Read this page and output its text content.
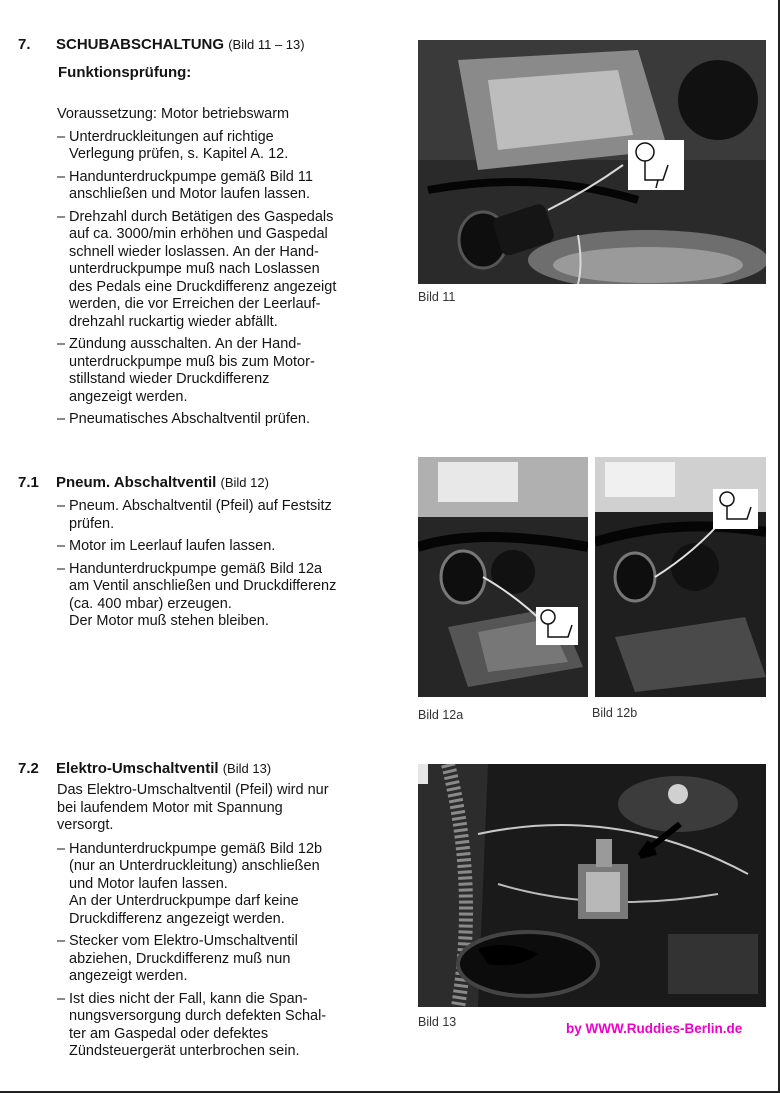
7. SCHUBABSCHALTUNG (Bild 11 – 13)
Funktionsprüfung:
Voraussetzung: Motor betriebswarm
– Unterdruckleitungen auf richtige
Verlegung prüfen, s. Kapitel A. 12.
– Handunterdruckpumpe gemäß Bild 11
anschließen und Motor laufen lassen.
– Drehzahl durch Betätigen des Gaspedals
auf ca. 3000/min erhöhen und Gaspedal
schnell wieder loslassen. An der Hand-
unterdruckpumpe muß nach Loslassen
des Pedals eine Druckdifferenz angezeigt
werden, die vor Erreichen der Leerlauf-
drehzahl ruckartig wieder abfällt.
– Zündung ausschalten. An der Hand-
unterdruckpumpe muß bis zum Motor-
stillstand wieder Druckdifferenz
angezeigt werden.
– Pneumatisches Abschaltventil prüfen.
Bild 11
7.1 Pneum. Abschaltventil (Bild 12)
– Pneum. Abschaltventil (Pfeil) auf Festsitz
prüfen.
– Motor im Leerlauf laufen lassen.
– Handunterdruckpumpe gemäß Bild 12a
am Ventil anschließen und Druckdifferenz
(ca. 400 mbar) erzeugen.
Der Motor muß stehen bleiben.
Bild 12a	Bild 12b
7.2 Elektro-Umschaltventil (Bild 13)
Das Elektro-Umschaltventil (Pfeil) wird nur
bei laufendem Motor mit Spannung
versorgt.
– Handunterdruckpumpe gemäß Bild 12b
(nur an Unterdruckleitung) anschließen
und Motor laufen lassen.
An der Unterdruckpumpe darf keine
Druckdifferenz angezeigt werden.
– Stecker vom Elektro-Umschaltventil
abziehen, Druckdifferenz muß nun
angezeigt werden.
– Ist dies nicht der Fall, kann die Span-
nungsversorgung durch defekten Schal-
ter am Gaspedal oder defektes
Zündsteuergerät unterbrochen sein.
Bild 13	by WWW.Ruddies-Berlin.de
